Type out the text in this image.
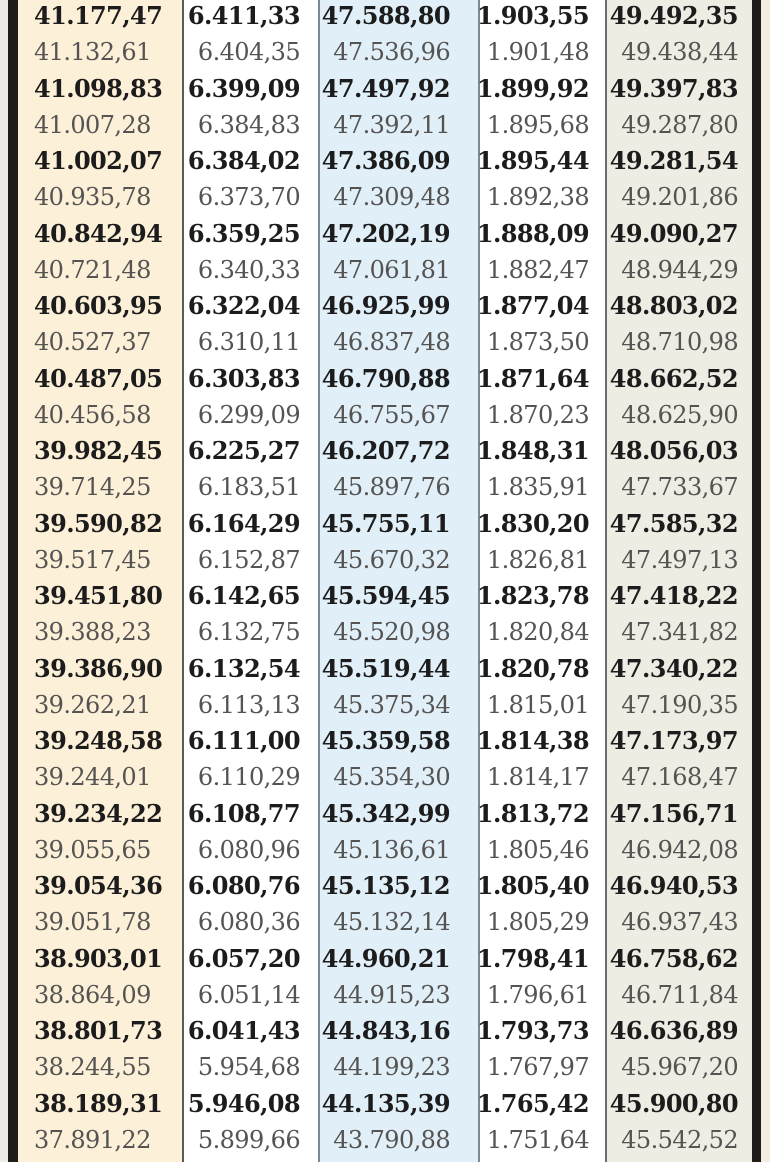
41.177,47
41.132,61
41.098,83
41.007,28
41.002,07
40.935,78
40.842,94
40.721,48
40.603,95
40.527,37
40.487,05
40.456,58
39.982,45
39.714,25
39.590,82
39.517,45
39.451,80
39.388,23
39.386,90
39.262,21
39.248,58
39.244,01
39.234,22
39.055,65
39.054,36
39.051,78
38.903,01
38.864,09
38.801,73
38.244,55
38.189,31
37.891,22
6.411,33
6.404,35
6.399,09
6.384,83
6.384,02
6.373,70
6.359,25
6.340,33
6.322,04
6.310,11
6.303,83
6.299,09
6.225,27
6.183,51
6.164,29
6.152,87
6.142,65
6.132,75
6.132,54
6.113,13
6.111,00
6.110,29
6.108,77
6.080,96
6.080,76
6.080,36
6.057,20
6.051,14
6.041,43
5.954,68
5.946,08
5.899,66
47.588,80
47.536,96
47.497,92
47.392,11
47.386,09
47.309,48
47.202,19
47.061,81
46.925,99
46.837,48
46.790,88
46.755,67
46.207,72
45.897,76
45.755,11
45.670,32
45.594,45
45.520,98
45.519,44
45.375,34
45.359,58
45.354,30
45.342,99
45.136,61
45.135,12
45.132,14
44.960,21
44.915,23
44.843,16
44.199,23
44.135,39
43.790,88
1.903,55
1.901,48
1.899,92
1.895,68
1.895,44
1.892,38
1.888,09
1.882,47
1.877,04
1.873,50
1.871,64
1.870,23
1.848,31
1.835,91
1.830,20
1.826,81
1.823,78
1.820,84
1.820,78
1.815,01
1.814,38
1.814,17
1.813,72
1.805,46
1.805,40
1.805,29
1.798,41
1.796,61
1.793,73
1.767,97
1.765,42
1.751,64
49.492,35
49.438,44
49.397,83
49.287,80
49.281,54
49.201,86
49.090,27
48.944,29
48.803,02
48.710,98
48.662,52
48.625,90
48.056,03
47.733,67
47.585,32
47.497,13
47.418,22
47.341,82
47.340,22
47.190,35
47.173,97
47.168,47
47.156,71
46.942,08
46.940,53
46.937,43
46.758,62
46.711,84
46.636,89
45.967,20
45.900,80
45.542,52
